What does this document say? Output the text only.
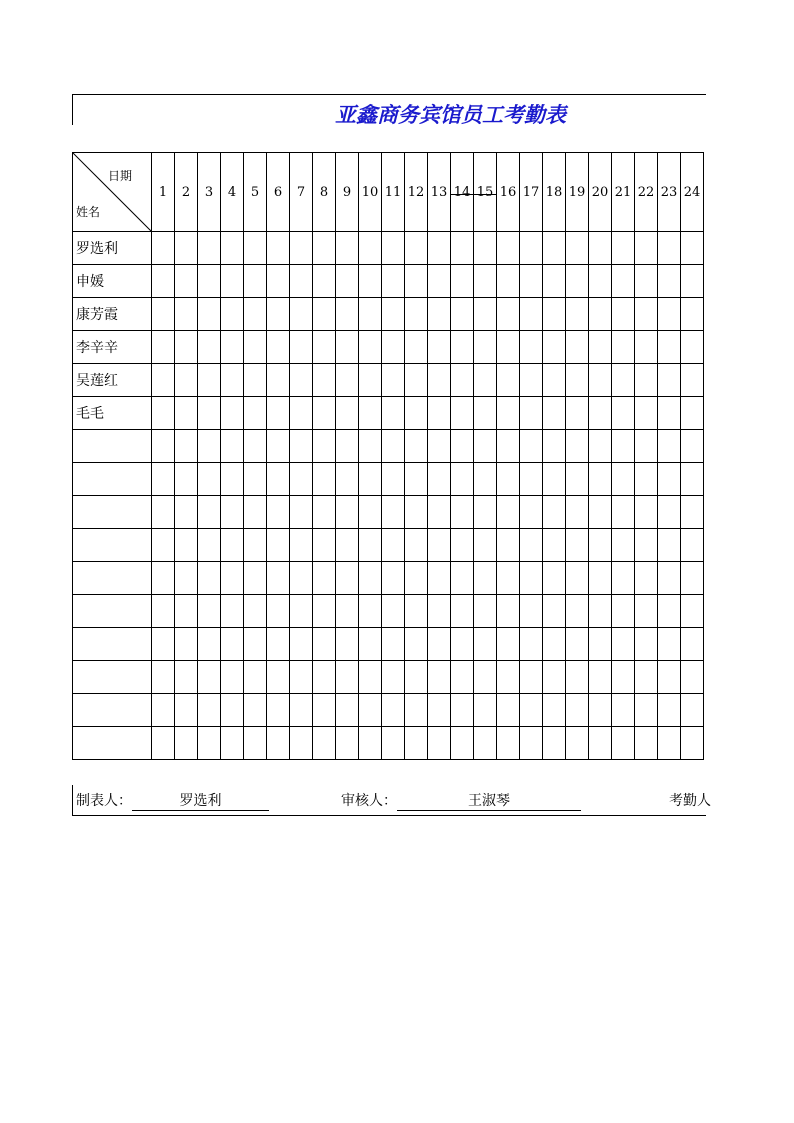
亚鑫商务宾馆员工考勤表
日期
姓名	1	2	3	4	5	6	7	8	9	10	11	12	13	14	15	16	17	18	19	20	21	22	23	24
罗选利																								
申媛																								
康芳霞																								
李辛辛																								
吴莲红																								
毛毛																								

制表人：	罗选利	审核人：	王淑琴	考勤人
